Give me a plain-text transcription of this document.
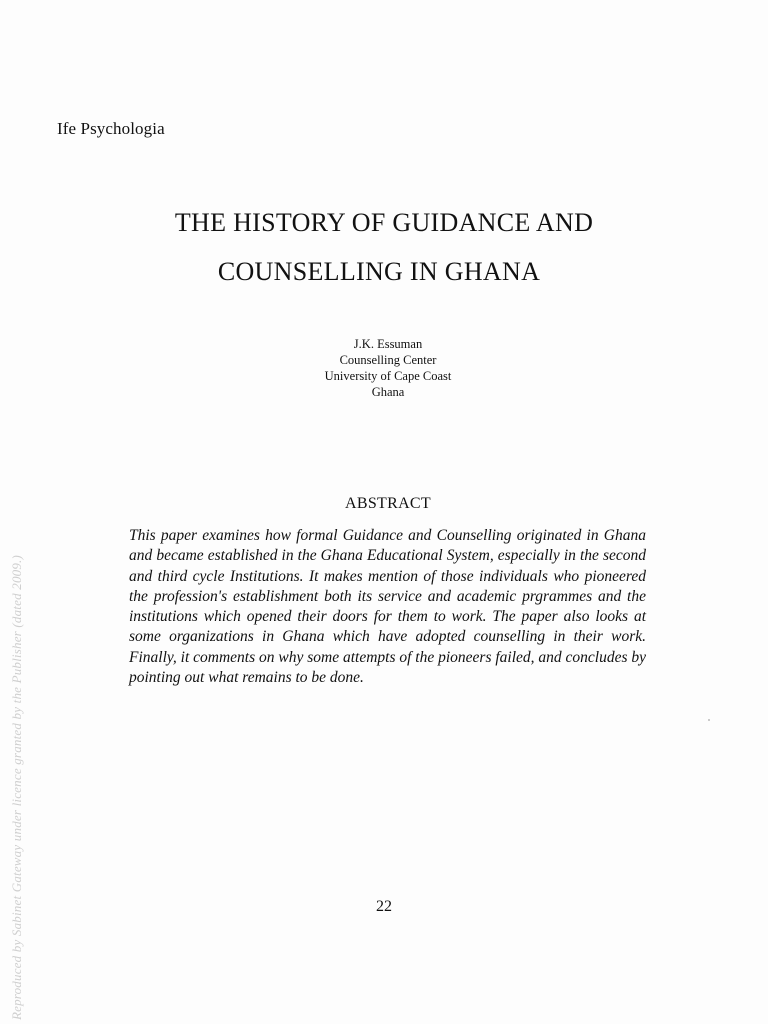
Ife Psychologia
THE HISTORY OF GUIDANCE AND
COUNSELLING IN GHANA
J.K. Essuman
Counselling Center
University of Cape Coast
Ghana
ABSTRACT
This paper examines how formal Guidance and Counselling originated in Ghana and became established in the Ghana Educational System, especially in the second and third cycle Institutions. It makes mention of those individuals who pioneered the profession's establishment both its service and academic prgrammes and the institutions which opened their doors for them to work. The paper also looks at some organizations in Ghana which have adopted counselling in their work. Finally, it comments on why some attempts of the pioneers failed, and concludes by pointing out what remains to be done.
22
Reproduced by Sabinet Gateway under licence granted by the Publisher (dated 2009.)
